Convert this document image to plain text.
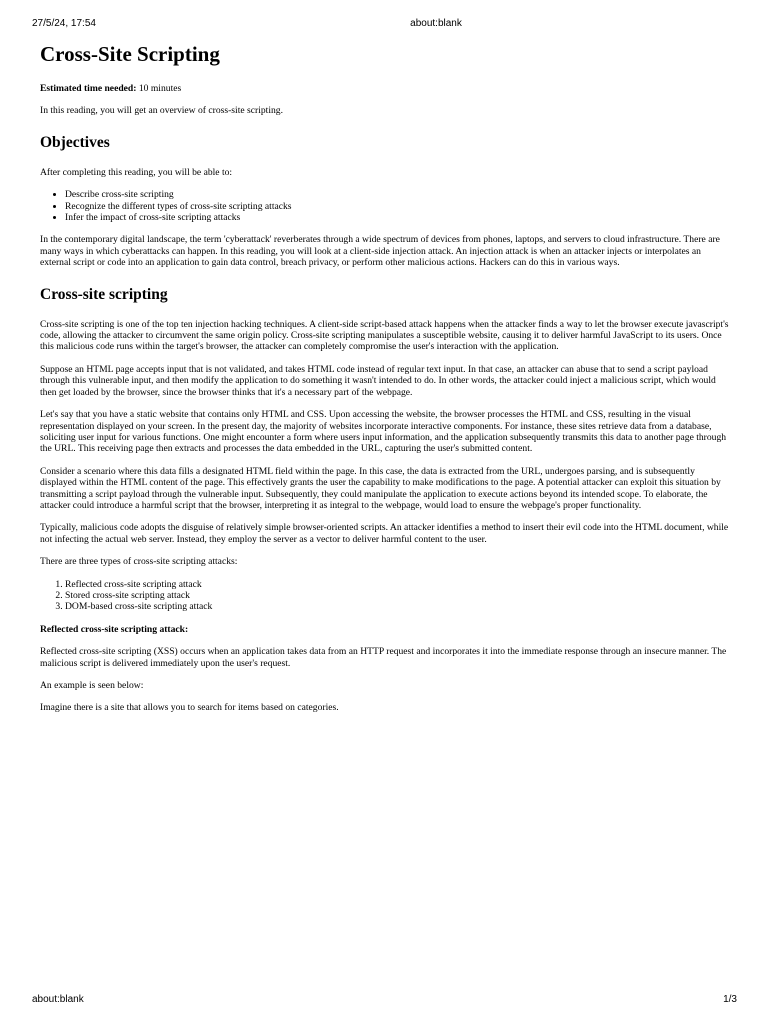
27/5/24, 17:54	about:blank
Cross-Site Scripting

Estimated time needed: 10 minutes

In this reading, you will get an overview of cross-site scripting.

Objectives

After completing this reading, you will be able to:

• Describe cross-site scripting
• Recognize the different types of cross-site scripting attacks
• Infer the impact of cross-site scripting attacks

In the contemporary digital landscape, the term 'cyberattack' reverberates through a wide spectrum of devices from phones, laptops, and servers to cloud infrastructure. There are many ways in which cyberattacks can happen. In this reading, you will look at a client-side injection attack. An injection attack is when an attacker injects or interpolates an external script or code into an application to gain data control, breach privacy, or perform other malicious actions. Hackers can do this in various ways.

Cross-site scripting

Cross-site scripting is one of the top ten injection hacking techniques. A client-side script-based attack happens when the attacker finds a way to let the browser execute javascript's code, allowing the attacker to circumvent the same origin policy. Cross-site scripting manipulates a susceptible website, causing it to deliver harmful JavaScript to its users. Once this malicious code runs within the target's browser, the attacker can completely compromise the user's interaction with the application.

Suppose an HTML page accepts input that is not validated, and takes HTML code instead of regular text input. In that case, an attacker can abuse that to send a script payload through this vulnerable input, and then modify the application to do something it wasn't intended to do. In other words, the attacker could inject a malicious script, which would then get loaded by the browser, since the browser thinks that it's a necessary part of the webpage.

Let's say that you have a static website that contains only HTML and CSS. Upon accessing the website, the browser processes the HTML and CSS, resulting in the visual representation displayed on your screen. In the present day, the majority of websites incorporate interactive components. For instance, these sites retrieve data from a database, soliciting user input for various functions. One might encounter a form where users input information, and the application subsequently transmits this data to another page through the URL. This receiving page then extracts and processes the data embedded in the URL, capturing the user's submitted content.

Consider a scenario where this data fills a designated HTML field within the page. In this case, the data is extracted from the URL, undergoes parsing, and is subsequently displayed within the HTML content of the page. This effectively grants the user the capability to make modifications to the page. A potential attacker can exploit this situation by transmitting a script payload through the vulnerable input. Subsequently, they could manipulate the application to execute actions beyond its intended scope. To elaborate, the attacker could introduce a harmful script that the browser, interpreting it as integral to the webpage, would load to ensure the webpage's proper functionality.

Typically, malicious code adopts the disguise of relatively simple browser-oriented scripts. An attacker identifies a method to insert their evil code into the HTML document, while not infecting the actual web server. Instead, they employ the server as a vector to deliver harmful content to the user.

There are three types of cross-site scripting attacks:

1. Reflected cross-site scripting attack
2. Stored cross-site scripting attack
3. DOM-based cross-site scripting attack

Reflected cross-site scripting attack:

Reflected cross-site scripting (XSS) occurs when an application takes data from an HTTP request and incorporates it into the immediate response through an insecure manner. The malicious script is delivered immediately upon the user's request.

An example is seen below:

Imagine there is a site that allows you to search for items based on categories.

about:blank	1/3
